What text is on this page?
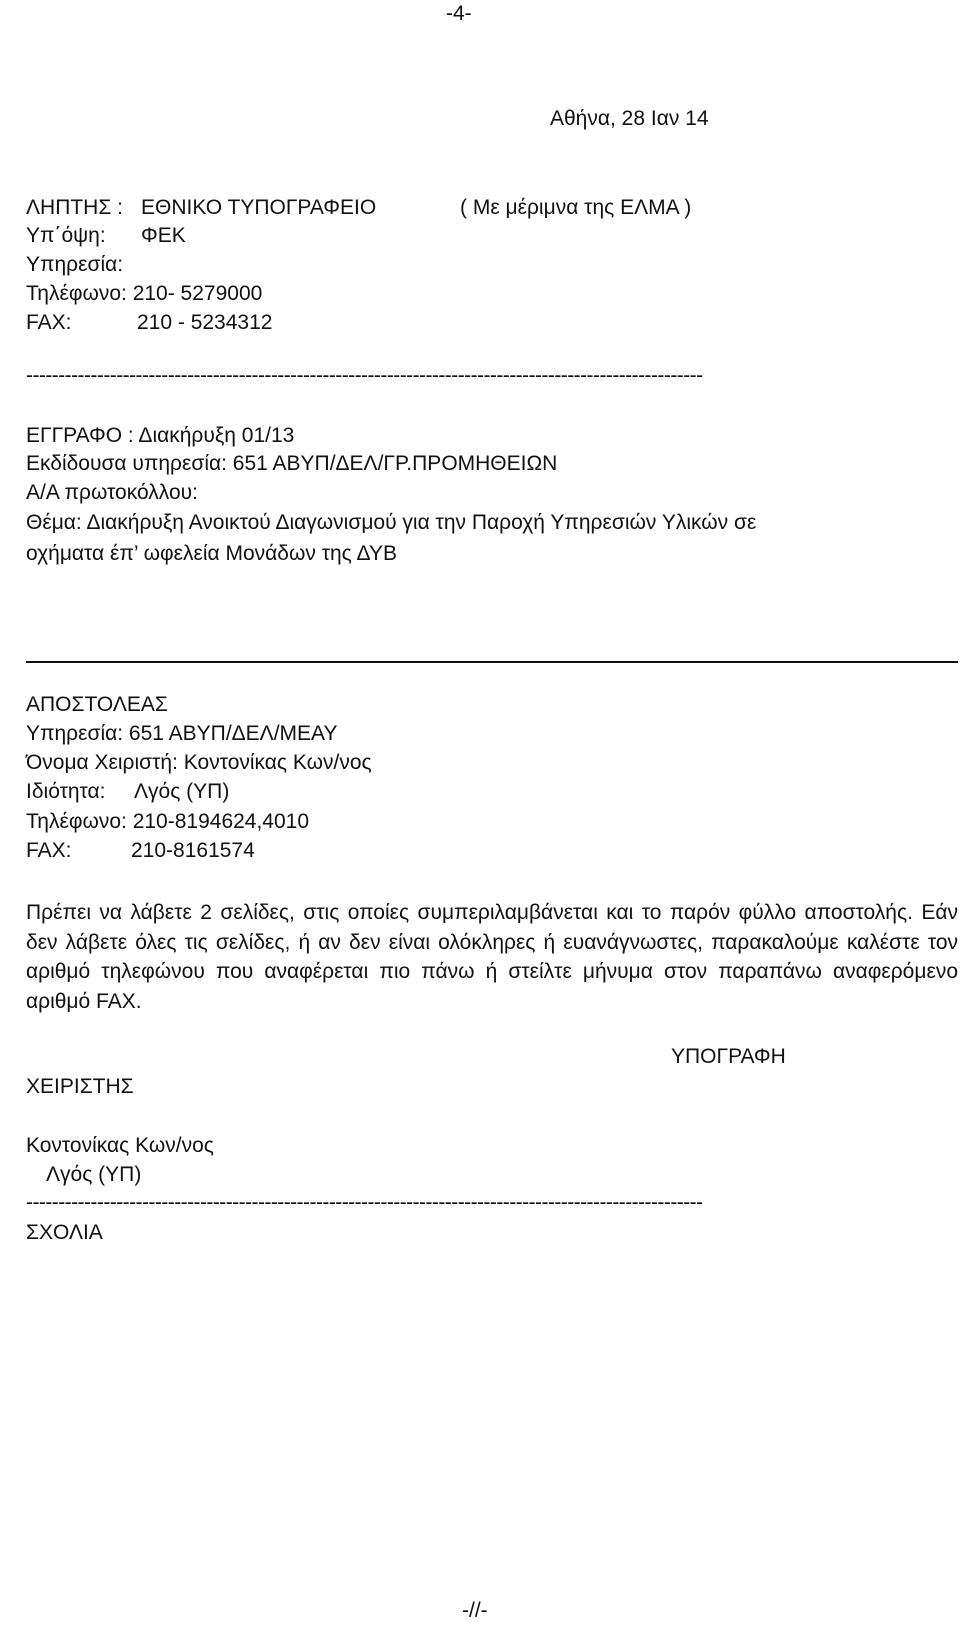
-4-
Αθήνα, 28 Ιαν 14
ΛΗΠΤΗΣ : ΕΘΝΙΚΟ ΤΥΠΟΓΡΑΦΕΙΟ	( Με μέριμνα της ΕΛΜΑ )
Υπ΄όψη: ΦΕΚ
Υπηρεσία:
Τηλέφωνο: 210- 5279000
FAX:	210 - 5234312
---------------------------------------------------------------------------------------------------------
ΕΓΓΡΑΦΟ : Διακήρυξη 01/13
Εκδίδουσα υπηρεσία: 651 ΑΒΥΠ/ΔΕΛ/ΓΡ.ΠΡΟΜΗΘΕΙΩΝ
Α/Α πρωτοκόλλου:
Θέμα: Διακήρυξη Ανοικτού Διαγωνισμού για την Παροχή Υπηρεσιών Υλικών σε
οχήματα έπ’ ωφελεία Μονάδων της ΔΥΒ
ΑΠΟΣΤΟΛΕΑΣ
Υπηρεσία: 651 ΑΒΥΠ/ΔΕΛ/ΜΕΑΥ
Όνομα Χειριστή: Κοντονίκας Κων/νος
Ιδιότητα: Λγός (ΥΠ)
Τηλέφωνο: 210-8194624,4010
FAX:	210-8161574
Πρέπει να λάβετε 2 σελίδες, στις οποίες συμπεριλαμβάνεται και το παρόν φύλλο αποστολής. Εάν δεν λάβετε όλες τις σελίδες, ή αν δεν είναι ολόκληρες ή ευανάγνωστες, παρακαλούμε καλέστε τον αριθμό τηλεφώνου που αναφέρεται πιο πάνω ή στείλτε μήνυμα στον παραπάνω αναφερόμενο αριθμό FAX.
ΥΠΟΓΡΑΦΗ
ΧΕΙΡΙΣΤΗΣ
Κοντονίκας Κων/νος
Λγός (ΥΠ)
---------------------------------------------------------------------------------------------------------
ΣΧΟΛΙΑ
-//-
